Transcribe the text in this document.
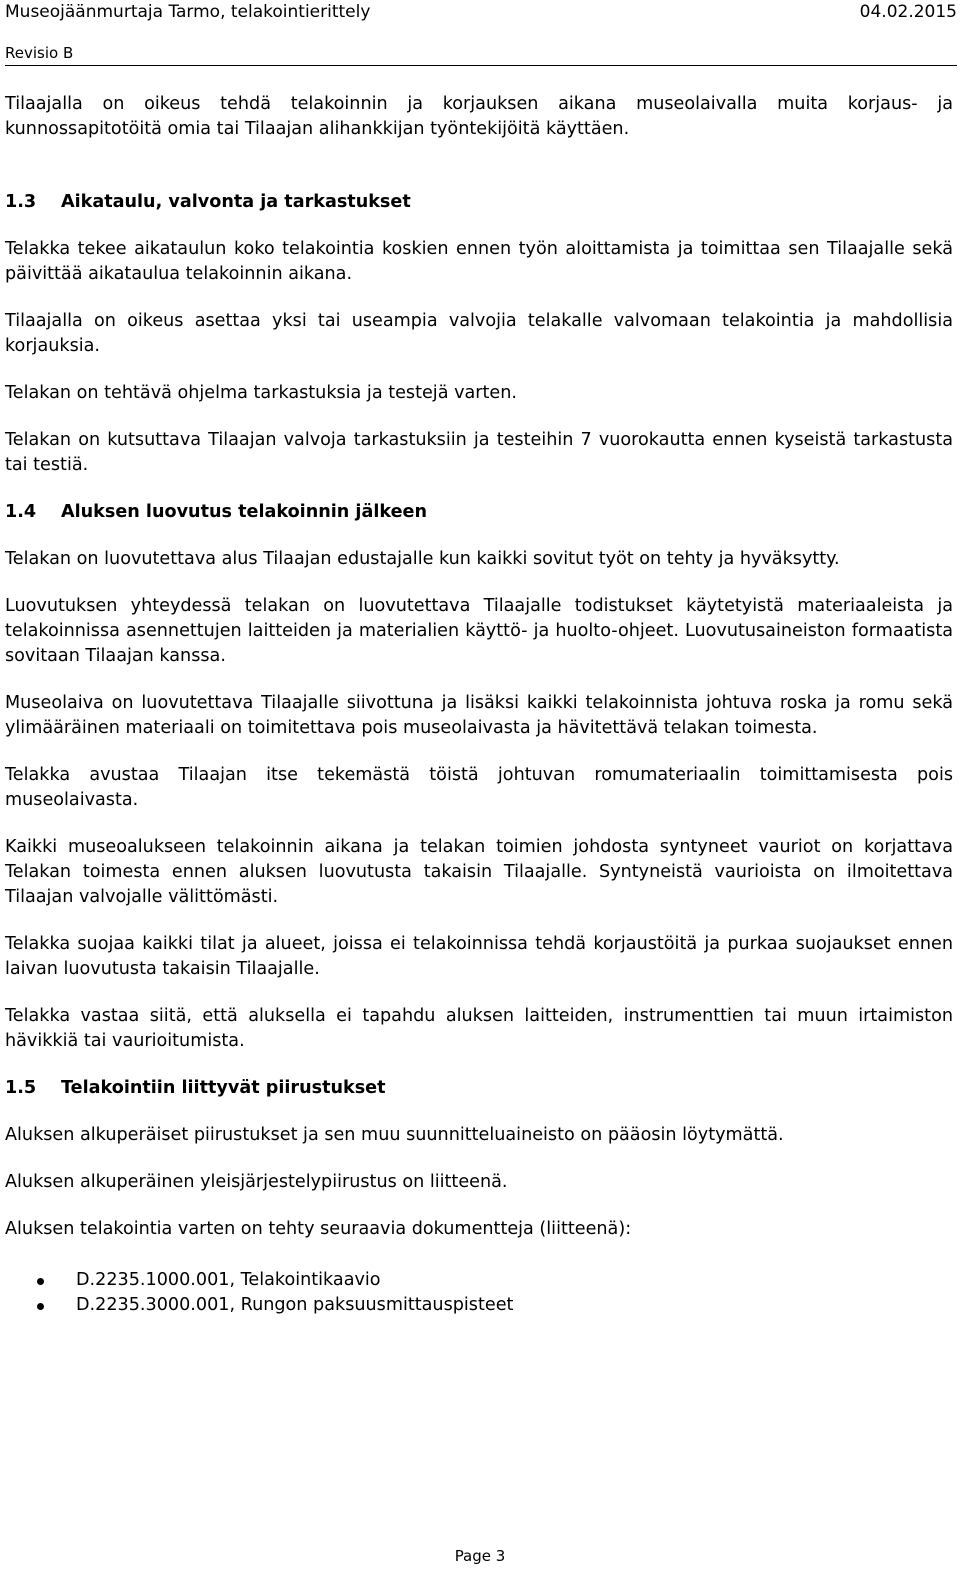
Museojäänmurtaja Tarmo, telakointierittely	04.02.2015
Revisio B

Tilaajalla on oikeus tehdä telakoinnin ja korjauksen aikana museolaivalla muita korjaus- ja kunnossapitotöitä omia tai Tilaajan alihankkijan työntekijöitä käyttäen.

1.3 Aikataulu, valvonta ja tarkastukset

Telakka tekee aikataulun koko telakointia koskien ennen työn aloittamista ja toimittaa sen Tilaajalle sekä päivittää aikataulua telakoinnin aikana.

Tilaajalla on oikeus asettaa yksi tai useampia valvojia telakalle valvomaan telakointia ja mahdollisia korjauksia.

Telakan on tehtävä ohjelma tarkastuksia ja testejä varten.

Telakan on kutsuttava Tilaajan valvoja tarkastuksiin ja testeihin 7 vuorokautta ennen kyseistä tarkastusta tai testiä.

1.4 Aluksen luovutus telakoinnin jälkeen

Telakan on luovutettava alus Tilaajan edustajalle kun kaikki sovitut työt on tehty ja hyväksytty.

Luovutuksen yhteydessä telakan on luovutettava Tilaajalle todistukset käytetyistä materiaaleista ja telakoinnissa asennettujen laitteiden ja materialien käyttö- ja huolto-ohjeet. Luovutusaineiston formaatista sovitaan Tilaajan kanssa.

Museolaiva on luovutettava Tilaajalle siivottuna ja lisäksi kaikki telakoinnista johtuva roska ja romu sekä ylimääräinen materiaali on toimitettava pois museolaivasta ja hävitettävä telakan toimesta.

Telakka avustaa Tilaajan itse tekemästä töistä johtuvan romumateriaalin toimittamisesta pois museolaivasta.

Kaikki museoalukseen telakoinnin aikana ja telakan toimien johdosta syntyneet vauriot on korjattava Telakan toimesta ennen aluksen luovutusta takaisin Tilaajalle. Syntyneistä vaurioista on ilmoitettava Tilaajan valvojalle välittömästi.

Telakka suojaa kaikki tilat ja alueet, joissa ei telakoinnissa tehdä korjaustöitä ja purkaa suojaukset ennen laivan luovutusta takaisin Tilaajalle.

Telakka vastaa siitä, että aluksella ei tapahdu aluksen laitteiden, instrumenttien tai muun irtaimiston hävikkiä tai vaurioitumista.

1.5 Telakointiin liittyvät piirustukset

Aluksen alkuperäiset piirustukset ja sen muu suunnitteluaineisto on pääosin löytymättä.

Aluksen alkuperäinen yleisjärjestelypiirustus on liitteenä.

Aluksen telakointia varten on tehty seuraavia dokumentteja (liitteenä):

D.2235.1000.001, Telakointikaavio
D.2235.3000.001, Rungon paksuusmittauspisteet
Page 3
